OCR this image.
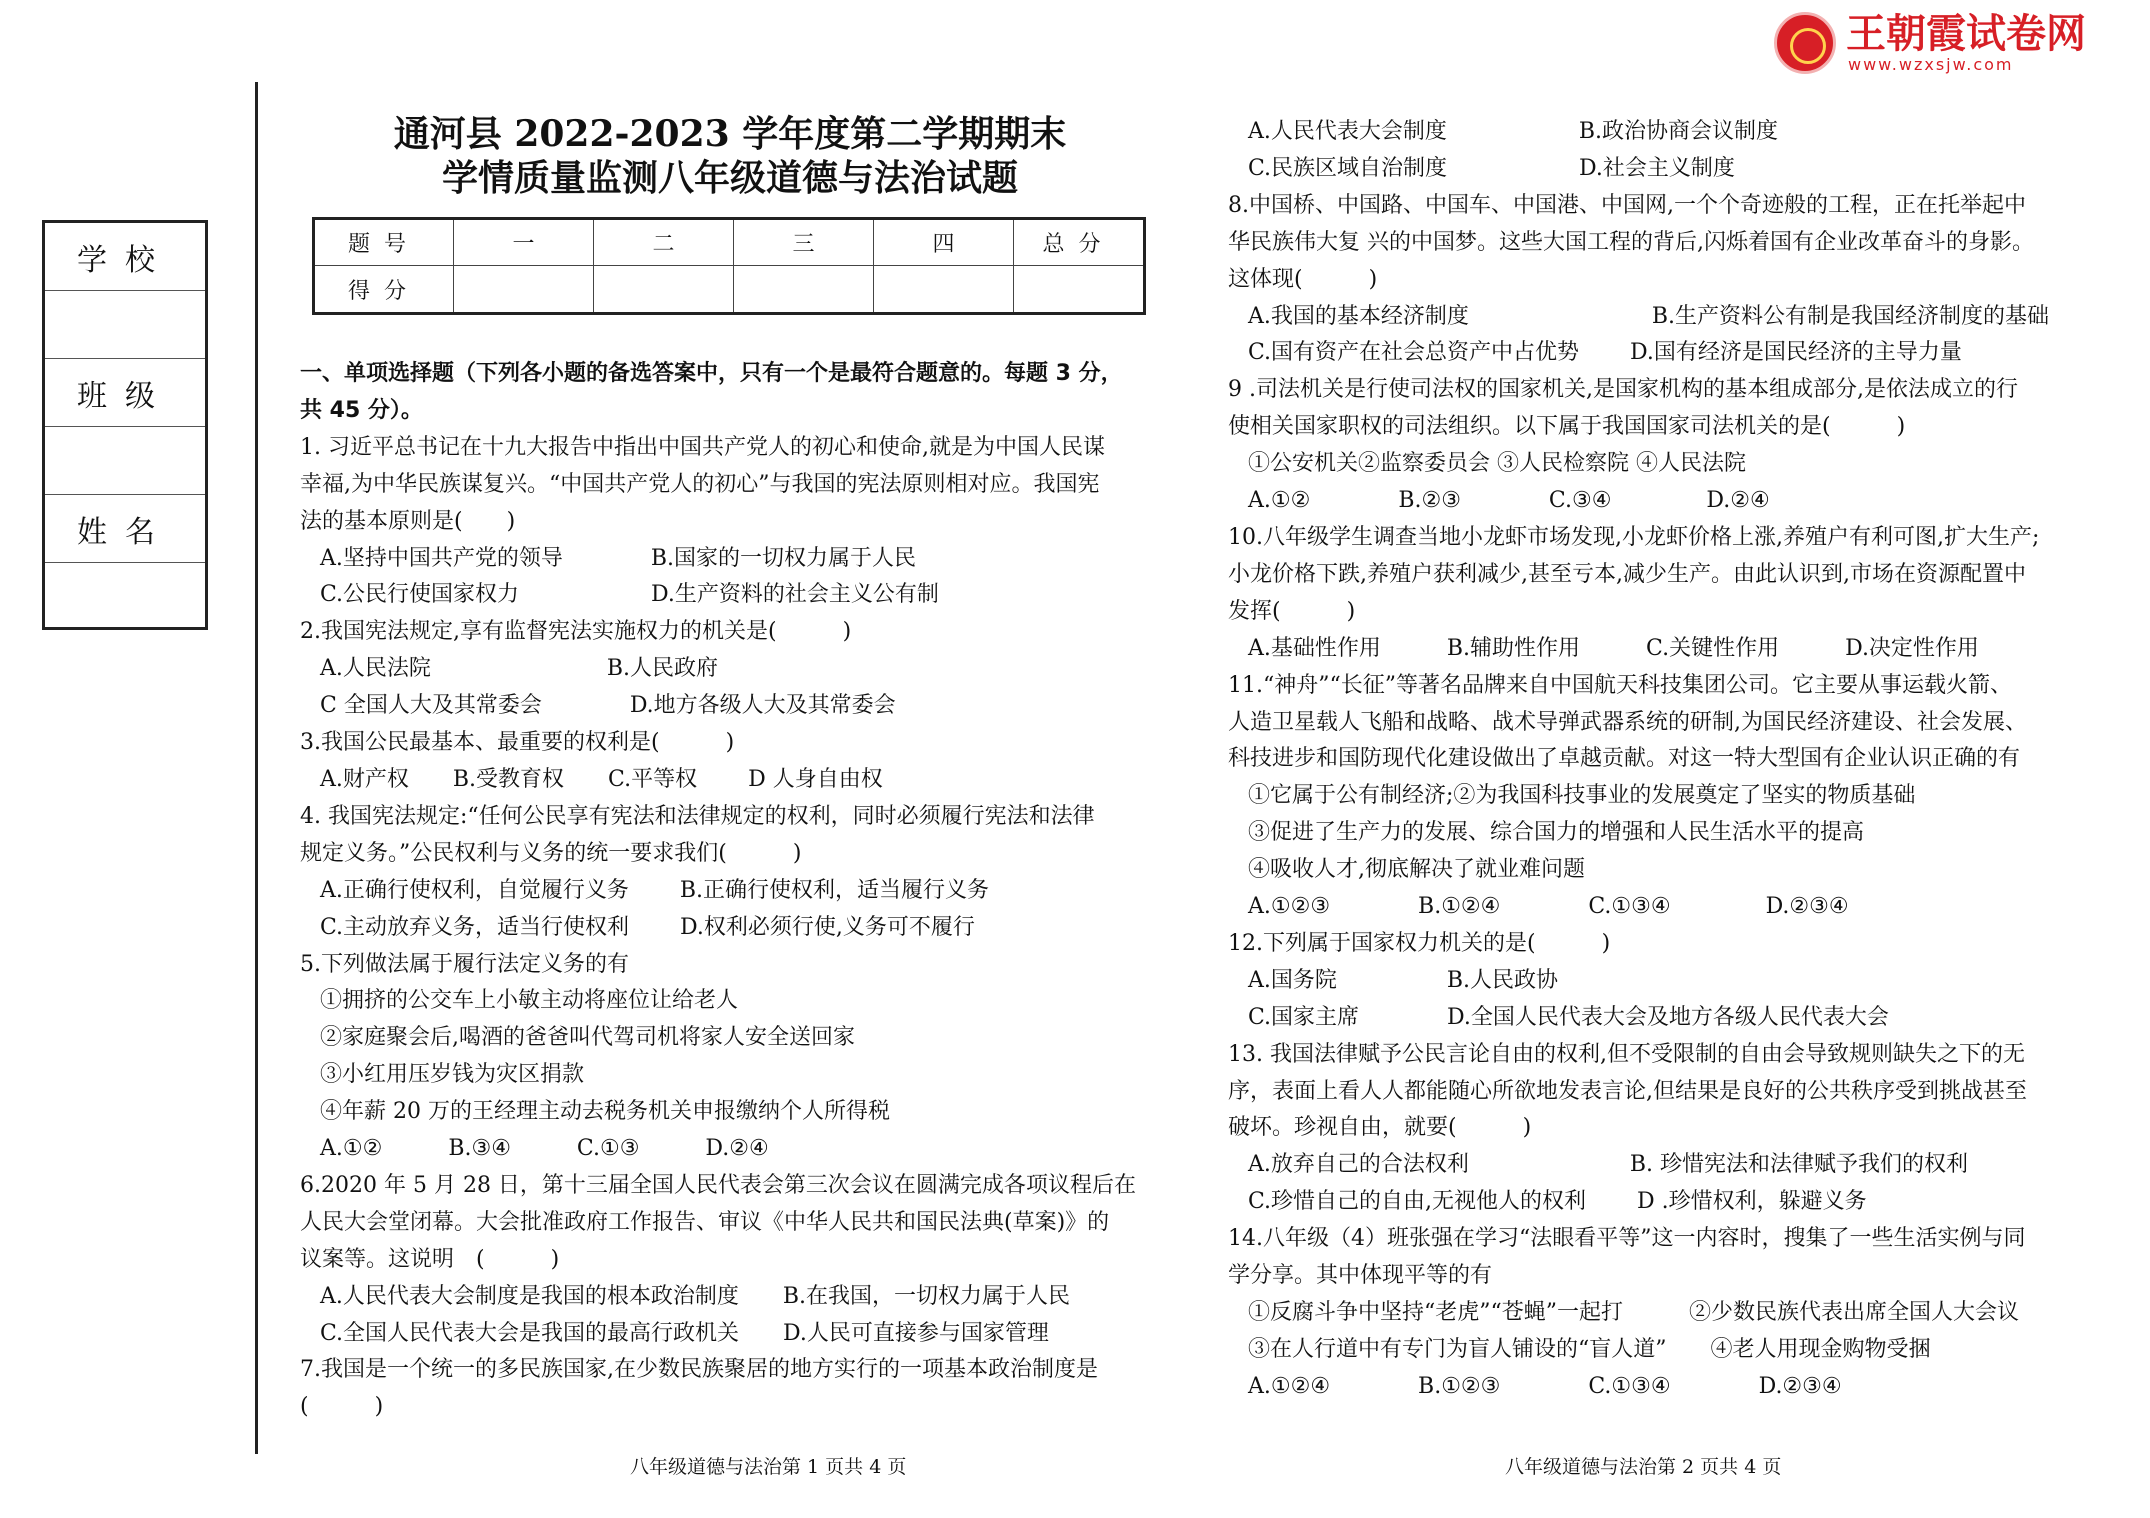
王朝霞试卷网
www.wzxsjw.com
学校
班级
姓名
通河县 2022-2023 学年度第二学期期末
学情质量监测八年级道德与法治试题
题号	一	二	三	四	总分
得分					

一、单项选择题（下列各小题的备选答案中，只有一个是最符合题意的。每题 3 分，

共 45 分）。

1. 习近平总书记在十九大报告中指出中国共产党人的初心和使命,就是为中国人民谋

幸福,为中华民族谋复兴。“中国共产党人的初心”与我国的宪法原则相对应。我国宪

法的基本原则是(　　)

A.坚持中国共产党的领导　　　　B.国家的一切权力属于人民

C.公民行使国家权力　　　　　　D.生产资料的社会主义公有制

2.我国宪法规定,享有监督宪法实施权力的机关是(　　　)

A.人民法院　　　　　　　　B.人民政府

C 全国人大及其常委会　　　　D.地方各级人大及其常委会

3.我国公民最基本、最重要的权利是(　　　)

A.财产权　　B.受教育权　　C.平等权　　 D 人身自由权

4. 我国宪法规定:“任何公民享有宪法和法律规定的权利，同时必须履行宪法和法律

规定义务。”公民权利与义务的统一要求我们(　　　)

A.正确行使权利，自觉履行义务　　 B.正确行使权利，适当履行义务

C.主动放弃义务，适当行使权利　　 D.权利必须行使,义务可不履行

5.下列做法属于履行法定义务的有

①拥挤的公交车上小敏主动将座位让给老人

②家庭聚会后,喝酒的爸爸叫代驾司机将家人安全送回家

③小红用压岁钱为灾区捐款

④年薪 20 万的王经理主动去税务机关申报缴纳个人所得税

A.①②　　　B.③④　　　C.①③　　　D.②④

6.2020 年 5 月 28 日，第十三届全国人民代表会第三次会议在圆满完成各项议程后在

人民大会堂闭幕。大会批准政府工作报告、审议《中华人民共和国民法典(草案)》的

议案等。这说明　(　　　)

A.人民代表大会制度是我国的根本政治制度　　B.在我国，一切权力属于人民

C.全国人民代表大会是我国的最高行政机关　　D.人民可直接参与国家管理

7.我国是一个统一的多民族国家,在少数民族聚居的地方实行的一项基本政治制度是

(　　　)

A.人民代表大会制度　　　　　　B.政治协商会议制度

C.民族区域自治制度　　　　　　D.社会主义制度

8.中国桥、中国路、中国车、中国港、中国网,一个个奇迹般的工程，正在托举起中

华民族伟大复 兴的中国梦。这些大国工程的背后,闪烁着国有企业改革奋斗的身影。

这体现(　　　)

A.我国的基本经济制度　　　　　　　　 B.生产资料公有制是我国经济制度的基础

C.国有资产在社会总资产中占优势　　 D.国有经济是国民经济的主导力量

9 .司法机关是行使司法权的国家机关,是国家机构的基本组成部分,是依法成立的行

使相关国家职权的司法组织。以下属于我国国家司法机关的是(　　　)

①公安机关②监察委员会 ③人民检察院 ④人民法院

A.①②　　　　B.②③　　　　C.③④　　　　 D.②④

10.八年级学生调查当地小龙虾市场发现,小龙虾价格上涨,养殖户有利可图,扩大生产;

小龙价格下跌,养殖户获利减少,甚至亏本,减少生产。由此认识到,市场在资源配置中

发挥(　　　)

A.基础性作用　　　B.辅助性作用　　　C.关键性作用　　　D.决定性作用

11.“神舟”“长征”等著名品牌来自中国航天科技集团公司。它主要从事运载火箭、

人造卫星载人飞船和战略、战术导弹武器系统的研制,为国民经济建设、社会发展、

科技进步和国防现代化建设做出了卓越贡献。对这一特大型国有企业认识正确的有

①它属于公有制经济;②为我国科技事业的发展奠定了坚实的物质基础

③促进了生产力的发展、综合国力的增强和人民生活水平的提高

④吸收人才,彻底解决了就业难问题

A.①②③　　　　B.①②④　　　　C.①③④　　　　 D.②③④

12.下列属于国家权力机关的是(　　　)

A.国务院　　　　　B.人民政协

C.国家主席　　　　D.全国人民代表大会及地方各级人民代表大会

13. 我国法律赋予公民言论自由的权利,但不受限制的自由会导致规则缺失之下的无

序，表面上看人人都能随心所欲地发表言论,但结果是良好的公共秩序受到挑战甚至

破坏。珍视自由，就要(　　　)

A.放弃自己的合法权利　　　　　　　 B. 珍惜宪法和法律赋予我们的权利

C.珍惜自己的自由,无视他人的权利　　 D .珍惜权利，躲避义务

14.八年级（4）班张强在学习“法眼看平等”这一内容时，搜集了一些生活实例与同

学分享。其中体现平等的有

①反腐斗争中坚持“老虎”“苍蝇”一起打　　　②少数民族代表出席全国人大会议

③在人行道中有专门为盲人铺设的“盲人道”　　④老人用现金购物受捆

A.①②④　　　　B.①②③　　　　C.①③④　　　　D.②③④

八年级道德与法治第 1 页共 4 页	八年级道德与法治第 2 页共 4 页
